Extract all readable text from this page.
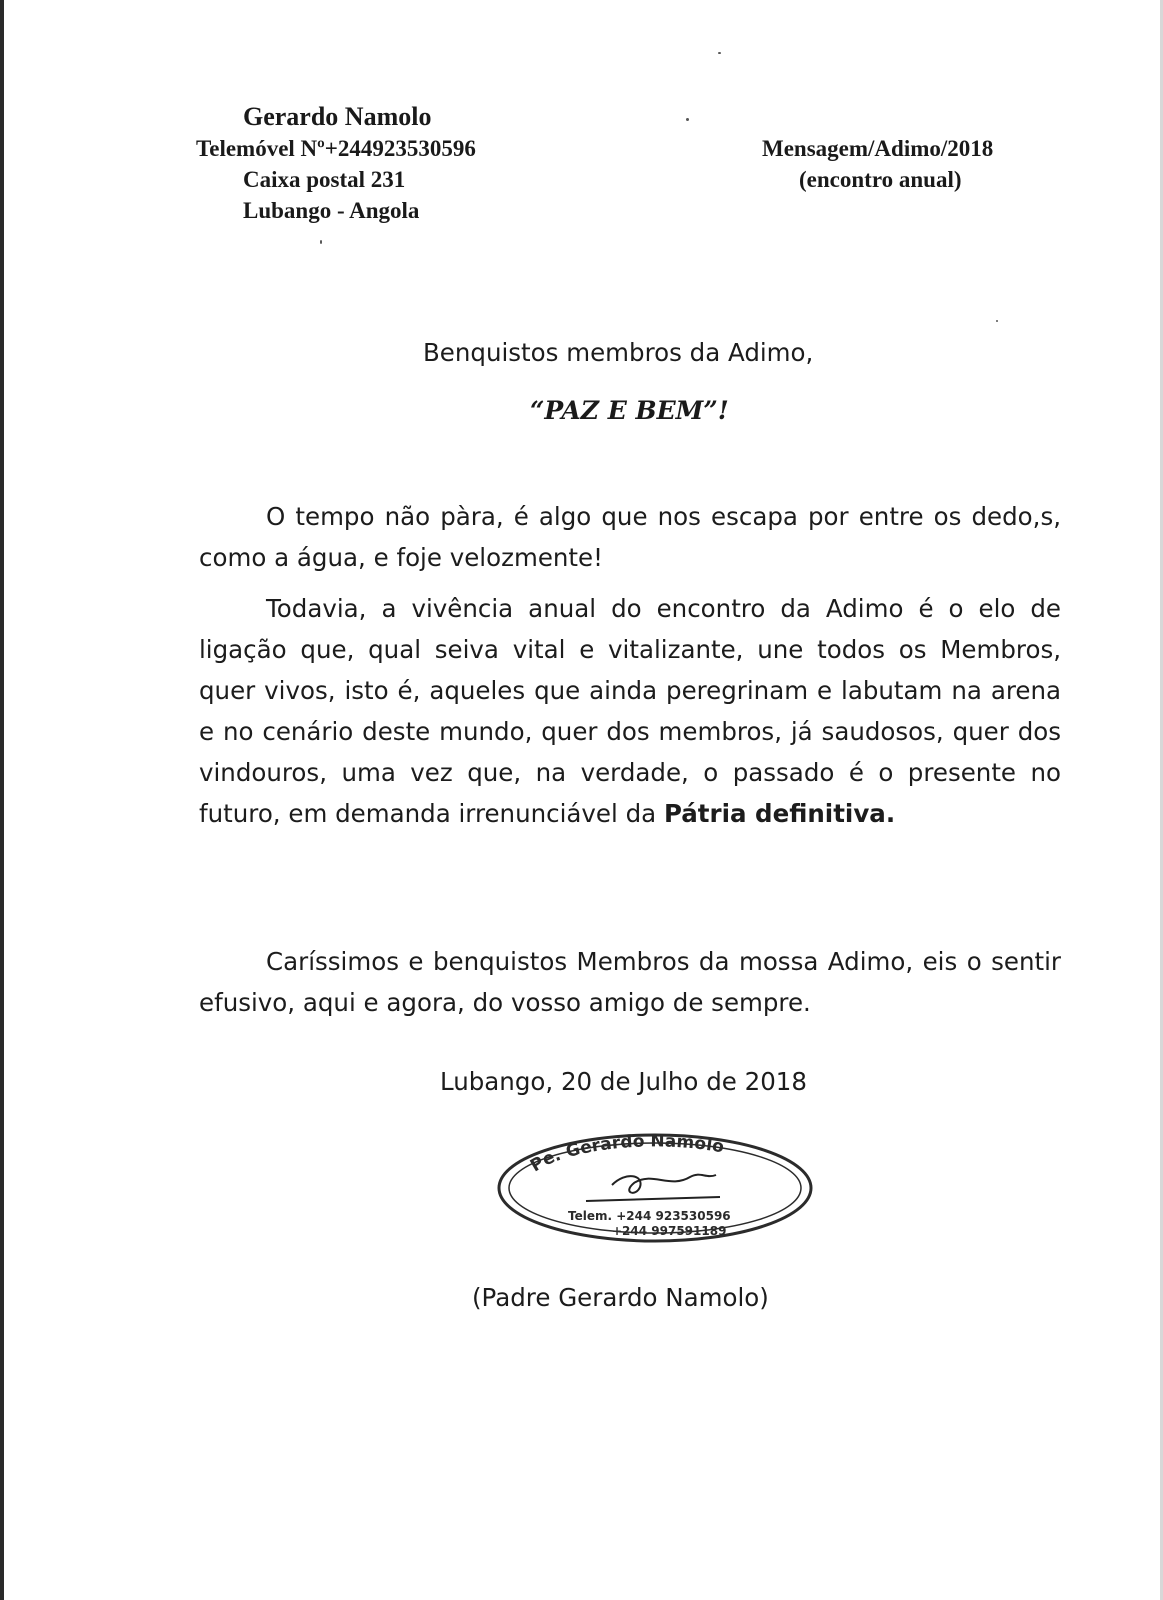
Gerardo Namolo
Telemóvel Nº+244923530596
Caixa postal 231
Lubango - Angola
Mensagem/Adimo/2018
(encontro anual)
Benquistos membros da Adimo,
“PAZ E BEM”!
O tempo não pàra, é algo que nos escapa por entre os dedo,s, como a água, e foje velozmente!
Todavia, a vivência anual do encontro da Adimo é o elo de ligação que, qual seiva vital e vitalizante, une todos os Membros, quer vivos, isto é, aqueles que ainda peregrinam e labutam na arena e no cenário deste mundo, quer dos membros, já saudosos, quer dos vindouros, uma vez que, na verdade, o passado é o presente no futuro, em demanda irrenunciável da Pátria definitiva.
Caríssimos e benquistos Membros da mossa Adimo, eis o sentir efusivo, aqui e agora, do vosso amigo de sempre.
Lubango, 20 de Julho de 2018
Pe. Gerardo Namolo
Telem. +244 923530596
+244 997591189
(Padre Gerardo Namolo)
